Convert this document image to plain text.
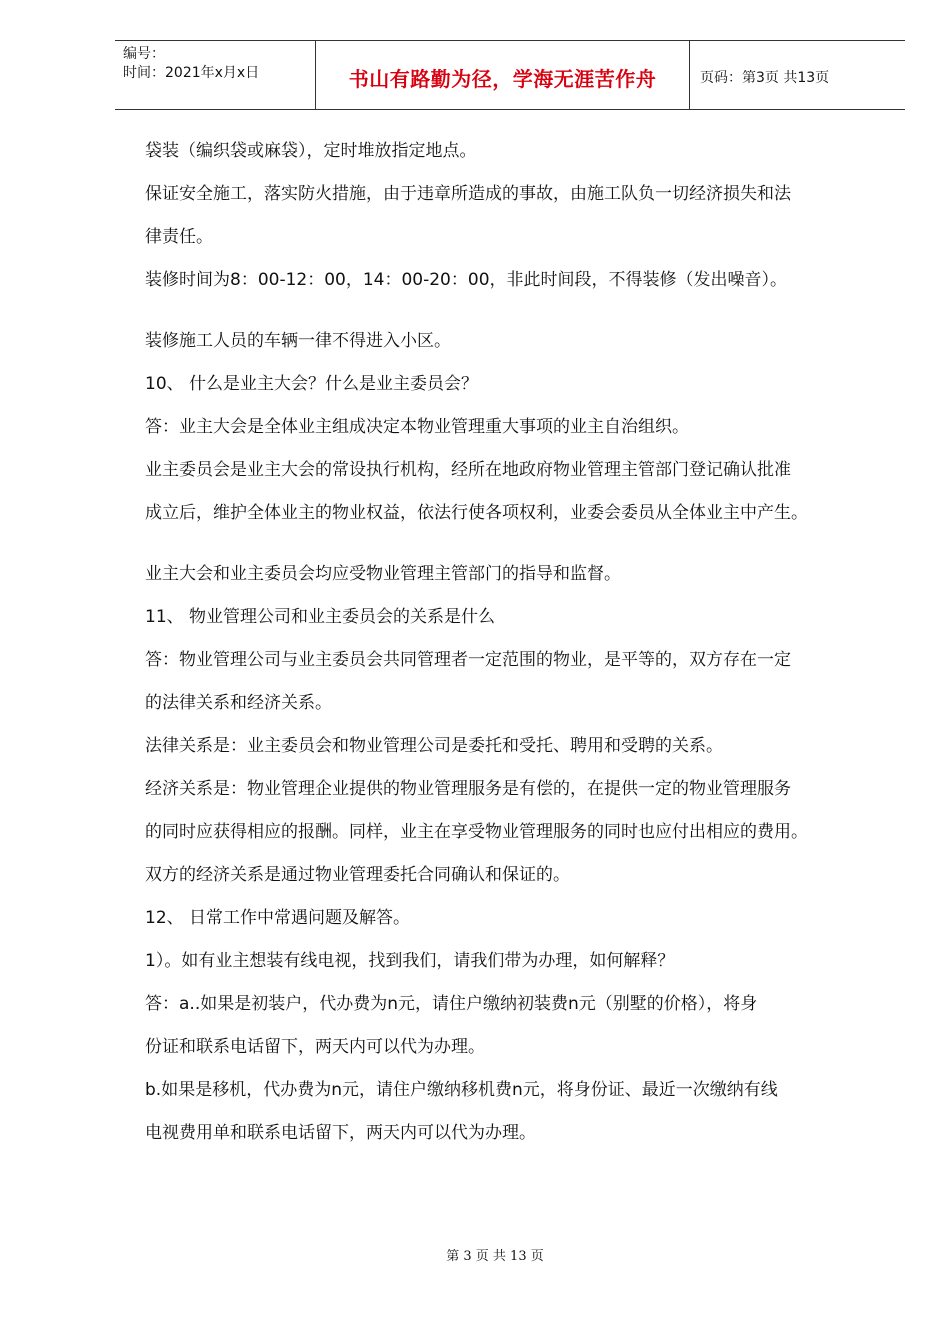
编号：
时间：2021年x月x日	书山有路勤为径，学海无涯苦作舟	页码：第3页 共13页
袋装（编织袋或麻袋），定时堆放指定地点。
保证安全施工，落实防火措施，由于违章所造成的事故，由施工队负一切经济损失和法
律责任。
装修时间为8：00-12：00，14：00-20：00，非此时间段，不得装修（发出噪音）。
装修施工人员的车辆一律不得进入小区。
10、 什么是业主大会？什么是业主委员会？
答：业主大会是全体业主组成决定本物业管理重大事项的业主自治组织。
业主委员会是业主大会的常设执行机构，经所在地政府物业管理主管部门登记确认批准
成立后，维护全体业主的物业权益，依法行使各项权利，业委会委员从全体业主中产生。
业主大会和业主委员会均应受物业管理主管部门的指导和监督。
11、 物业管理公司和业主委员会的关系是什么
答：物业管理公司与业主委员会共同管理者一定范围的物业，是平等的，双方存在一定
的法律关系和经济关系。
法律关系是：业主委员会和物业管理公司是委托和受托、聘用和受聘的关系。
经济关系是：物业管理企业提供的物业管理服务是有偿的，在提供一定的物业管理服务
的同时应获得相应的报酬。同样，业主在享受物业管理服务的同时也应付出相应的费用。
双方的经济关系是通过物业管理委托合同确认和保证的。
12、 日常工作中常遇问题及解答。
1）。如有业主想装有线电视，找到我们，请我们带为办理，如何解释？
答：a..如果是初装户，代办费为n元，请住户缴纳初装费n元（别墅的价格），将身
份证和联系电话留下，两天内可以代为办理。
b.如果是移机，代办费为n元，请住户缴纳移机费n元，将身份证、最近一次缴纳有线
电视费用单和联系电话留下，两天内可以代为办理。
第 3 页 共 13 页
